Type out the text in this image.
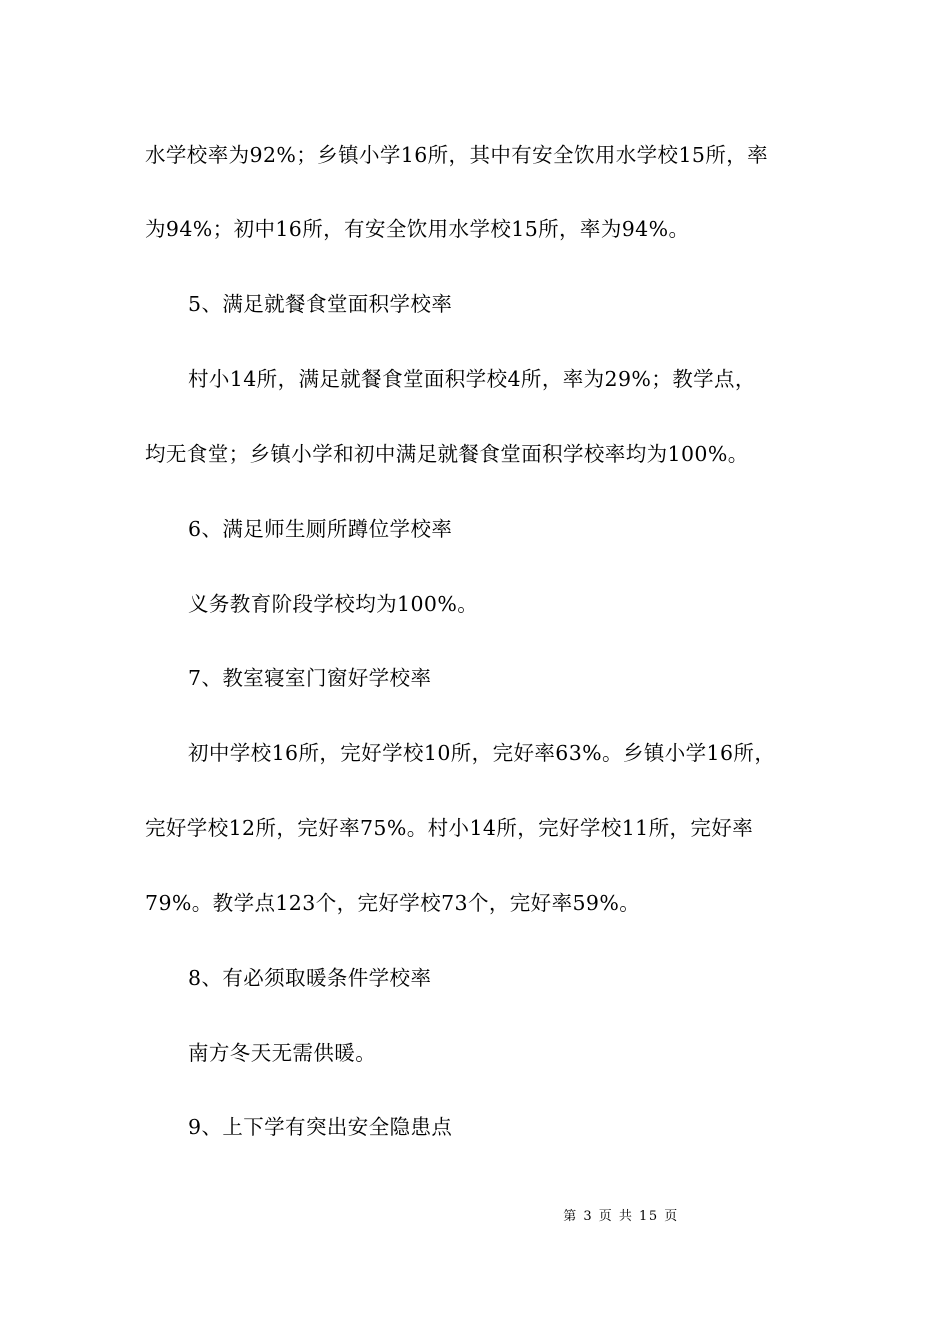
水学校率为92%；乡镇小学16所，其中有安全饮用水学校15所，率
为94%；初中16所，有安全饮用水学校15所，率为94%。
5、满足就餐食堂面积学校率
村小14所，满足就餐食堂面积学校4所，率为29%；教学点，
均无食堂；乡镇小学和初中满足就餐食堂面积学校率均为100%。
6、满足师生厕所蹲位学校率
义务教育阶段学校均为100%。
7、教室寝室门窗好学校率
初中学校16所，完好学校10所，完好率63%。乡镇小学16所，
完好学校12所，完好率75%。村小14所，完好学校11所，完好率
79%。教学点123个，完好学校73个，完好率59%。
8、有必须取暖条件学校率
南方冬天无需供暖。
9、上下学有突出安全隐患点
第 3 页 共 15 页
